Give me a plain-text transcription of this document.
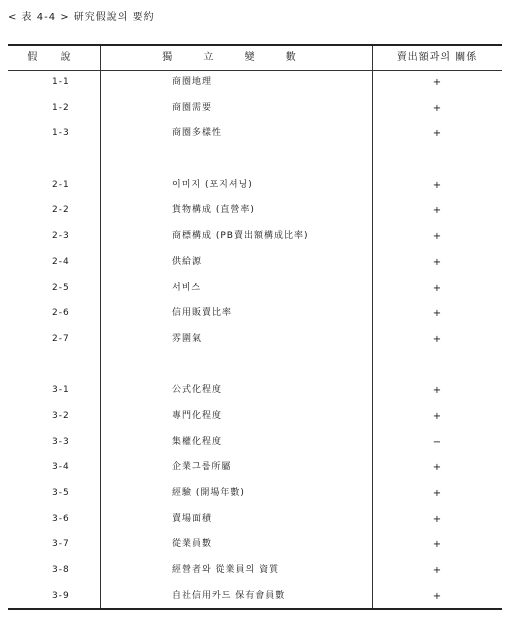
< 表 4-4 > 研究假說의 要約
假 說	獨 立 變 數	賣出額과의 關係
1-1	商圈地理	+
1-2	商圈需要	+
1-3	商圈多樣性	+
2-1	이미지 (포지셔닝)	+
2-2	貨物構成 (直營率)	+
2-3	商標構成 (PB賣出額構成比率)	+
2-4	供給源	+
2-5	서비스	+
2-6	信用販賣比率	+
2-7	雰圍氣	+
3-1	公式化程度	+
3-2	專門化程度	+
3-3	集權化程度	−
3-4	企業그룹所屬	+
3-5	經驗 (開場年數)	+
3-6	賣場面積	+
3-7	從業員數	+
3-8	經營者와 從業員의 資質	+
3-9	自社信用카드 保有會員數	+
